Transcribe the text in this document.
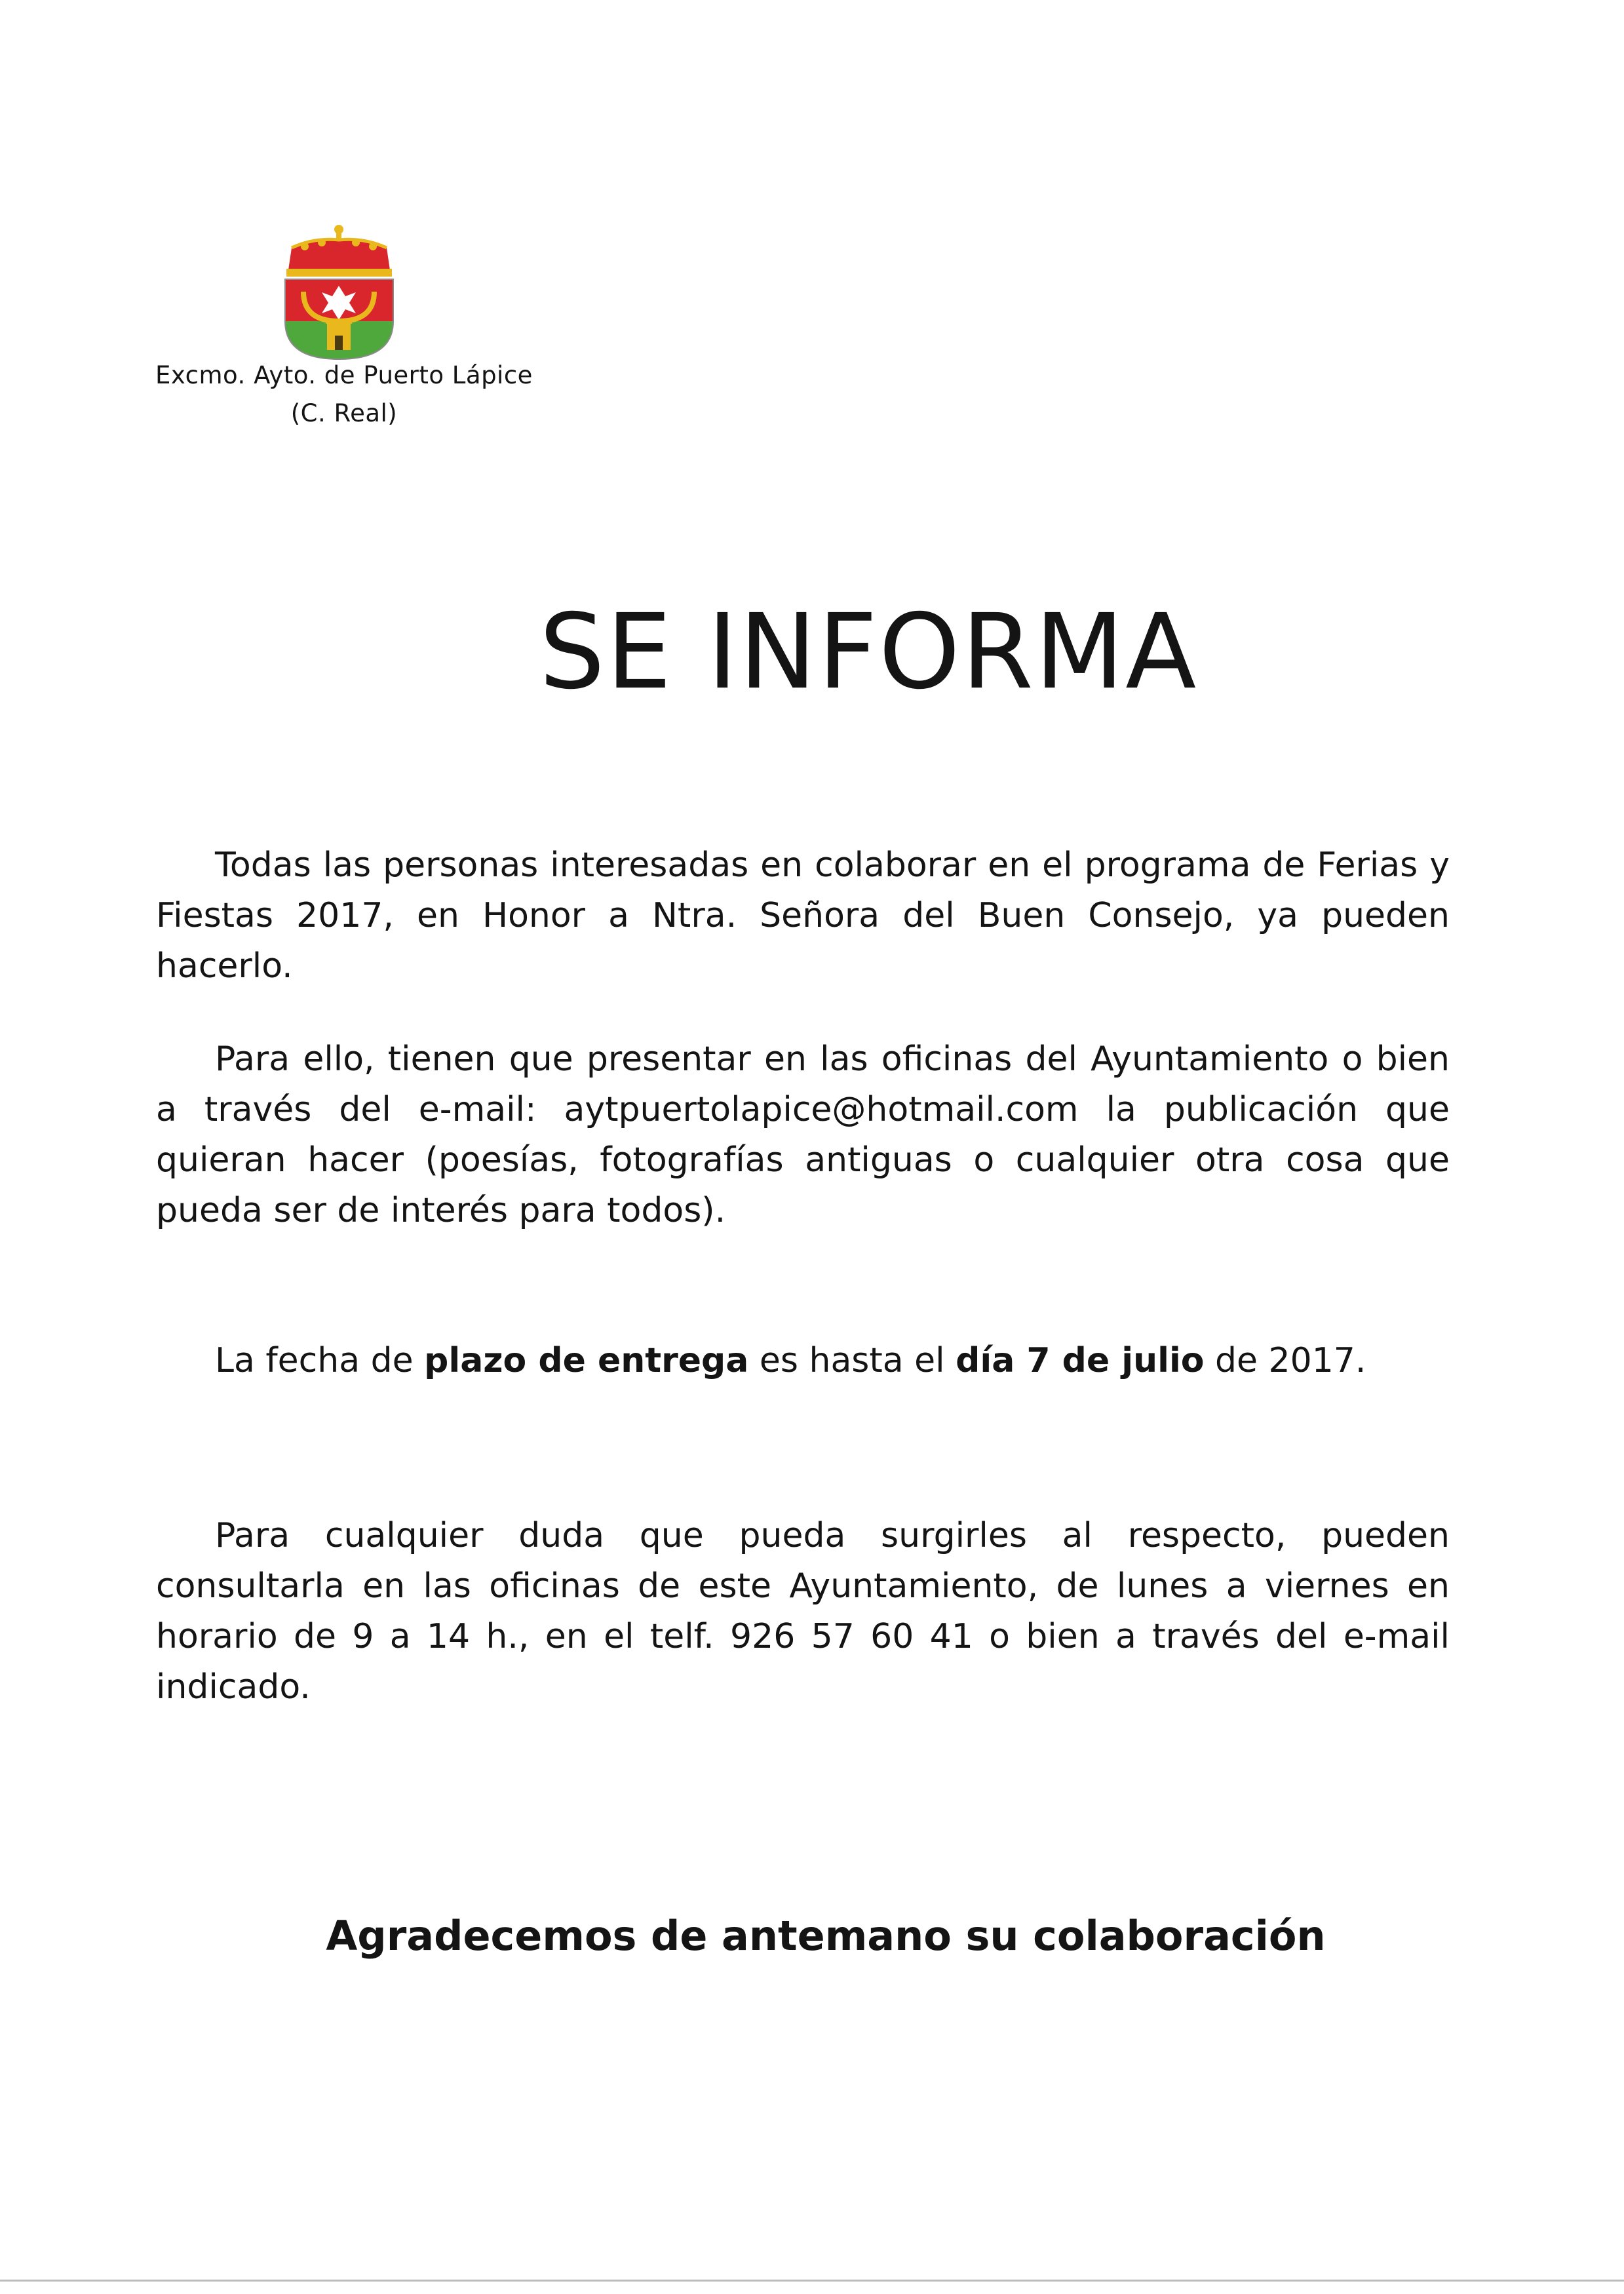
Excmo. Ayto. de Puerto Lápice
(C. Real)
SE INFORMA

Todas las personas interesadas en colaborar en el programa de Ferias y Fiestas 2017, en Honor a Ntra. Señora del Buen Consejo, ya pueden hacerlo.

Para ello, tienen que presentar en las oficinas del Ayuntamiento o bien a través del e-mail: aytpuertolapice@hotmail.com la publicación que quieran hacer (poesías, fotografías antiguas o cualquier otra cosa que pueda ser de interés para todos).

La fecha de plazo de entrega es hasta el día 7 de julio de 2017.

Para cualquier duda que pueda surgirles al respecto, pueden consultarla en las oficinas de este Ayuntamiento, de lunes a viernes en horario de 9 a 14 h., en el telf. 926 57 60 41 o bien a través del e-mail indicado.

Agradecemos de antemano su colaboración
